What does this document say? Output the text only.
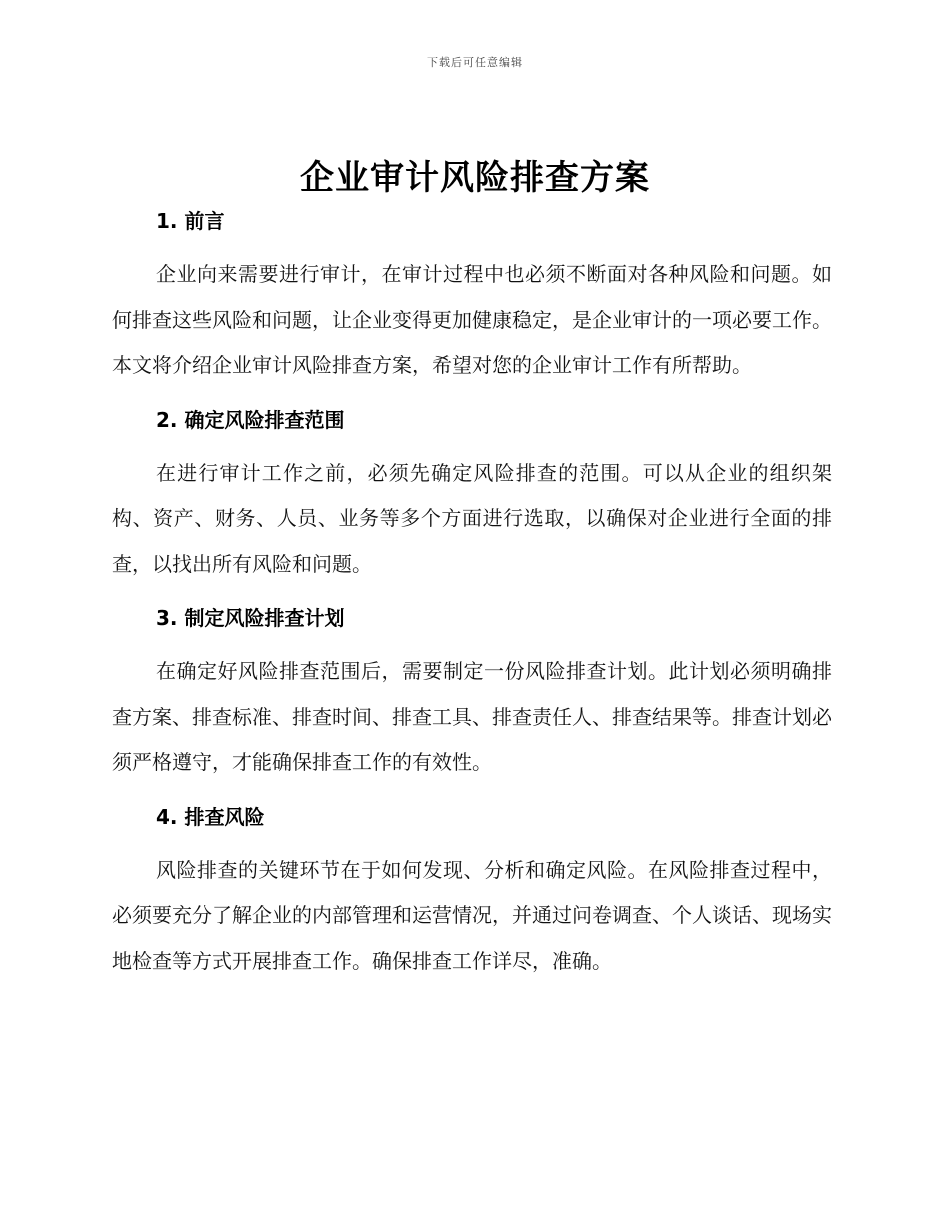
下载后可任意编辑
企业审计风险排查方案
1. 前言

企业向来需要进行审计，在审计过程中也必须不断面对各种风险和问题。如何排查这些风险和问题，让企业变得更加健康稳定，是企业审计的一项必要工作。本文将介绍企业审计风险排查方案，希望对您的企业审计工作有所帮助。

2. 确定风险排查范围

在进行审计工作之前，必须先确定风险排查的范围。可以从企业的组织架构、资产、财务、人员、业务等多个方面进行选取，以确保对企业进行全面的排查，以找出所有风险和问题。

3. 制定风险排查计划

在确定好风险排查范围后，需要制定一份风险排查计划。此计划必须明确排查方案、排查标准、排查时间、排查工具、排查责任人、排查结果等。排查计划必须严格遵守，才能确保排查工作的有效性。

4. 排查风险

风险排查的关键环节在于如何发现、分析和确定风险。在风险排查过程中，必须要充分了解企业的内部管理和运营情况，并通过问卷调查、个人谈话、现场实地检查等方式开展排查工作。确保排查工作详尽，准确。
